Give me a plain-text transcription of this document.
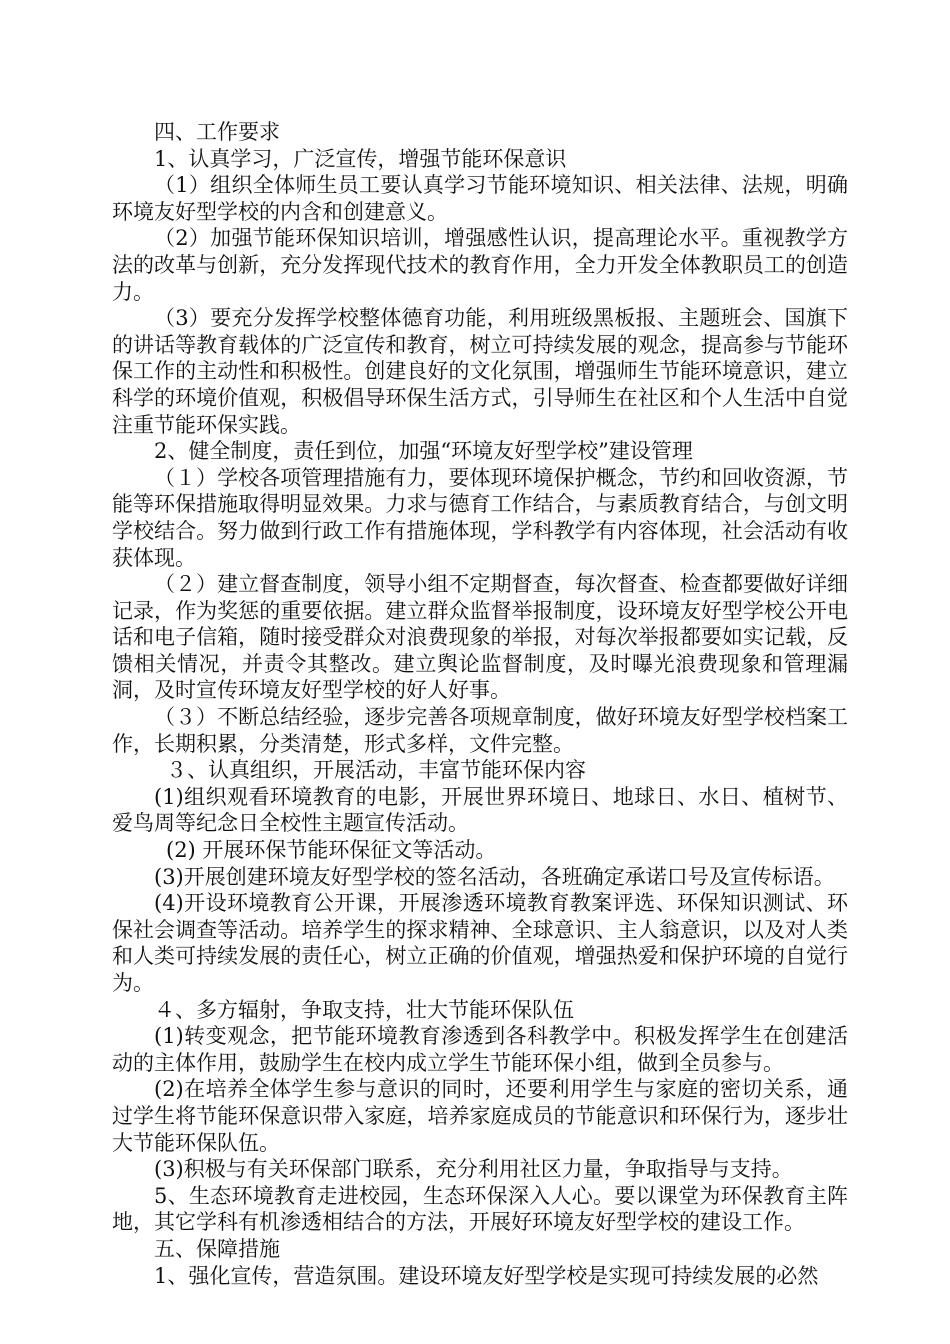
四、工作要求

1、认真学习，广泛宣传，增强节能环保意识

（1）组织全体师生员工要认真学习节能环境知识、相关法律、法规，明确环境友好型学校的内含和创建意义。

（2）加强节能环保知识培训，增强感性认识，提高理论水平。重视教学方法的改革与创新，充分发挥现代技术的教育作用，全力开发全体教职员工的创造力。

（3）要充分发挥学校整体德育功能，利用班级黑板报、主题班会、国旗下的讲话等教育载体的广泛宣传和教育，树立可持续发展的观念，提高参与节能环保工作的主动性和积极性。创建良好的文化氛围，增强师生节能环境意识，建立科学的环境价值观，积极倡导环保生活方式，引导师生在社区和个人生活中自觉注重节能环保实践。

2、健全制度，责任到位，加强“环境友好型学校”建设管理

（１）学校各项管理措施有力，要体现环境保护概念，节约和回收资源，节能等环保措施取得明显效果。力求与德育工作结合，与素质教育结合，与创文明学校结合。努力做到行政工作有措施体现，学科教学有内容体现，社会活动有收获体现。

（２）建立督查制度，领导小组不定期督查，每次督查、检查都要做好详细记录，作为奖惩的重要依据。建立群众监督举报制度，设环境友好型学校公开电话和电子信箱，随时接受群众对浪费现象的举报，对每次举报都要如实记载，反馈相关情况，并责令其整改。建立舆论监督制度，及时曝光浪费现象和管理漏洞，及时宣传环境友好型学校的好人好事。

（３）不断总结经验，逐步完善各项规章制度，做好环境友好型学校档案工作，长期积累，分类清楚，形式多样，文件完整。

３、认真组织，开展活动，丰富节能环保内容

(1)组织观看环境教育的电影，开展世界环境日、地球日、水日、植树节、爱鸟周等纪念日全校性主题宣传活动。

(2) 开展环保节能环保征文等活动。

(3)开展创建环境友好型学校的签名活动，各班确定承诺口号及宣传标语。

(4)开设环境教育公开课，开展渗透环境教育教案评选、环保知识测试、环保社会调查等活动。培养学生的探求精神、全球意识、主人翁意识，以及对人类和人类可持续发展的责任心，树立正确的价值观，增强热爱和保护环境的自觉行为。

４、多方辐射，争取支持，壮大节能环保队伍

(1)转变观念，把节能环境教育渗透到各科教学中。积极发挥学生在创建活动的主体作用，鼓励学生在校内成立学生节能环保小组，做到全员参与。

(2)在培养全体学生参与意识的同时，还要利用学生与家庭的密切关系，通过学生将节能环保意识带入家庭，培养家庭成员的节能意识和环保行为，逐步壮大节能环保队伍。

(3)积极与有关环保部门联系，充分利用社区力量，争取指导与支持。

5、生态环境教育走进校园，生态环保深入人心。要以课堂为环保教育主阵地，其它学科有机渗透相结合的方法，开展好环境友好型学校的建设工作。

五、保障措施

1、强化宣传，营造氛围。建设环境友好型学校是实现可持续发展的必然
